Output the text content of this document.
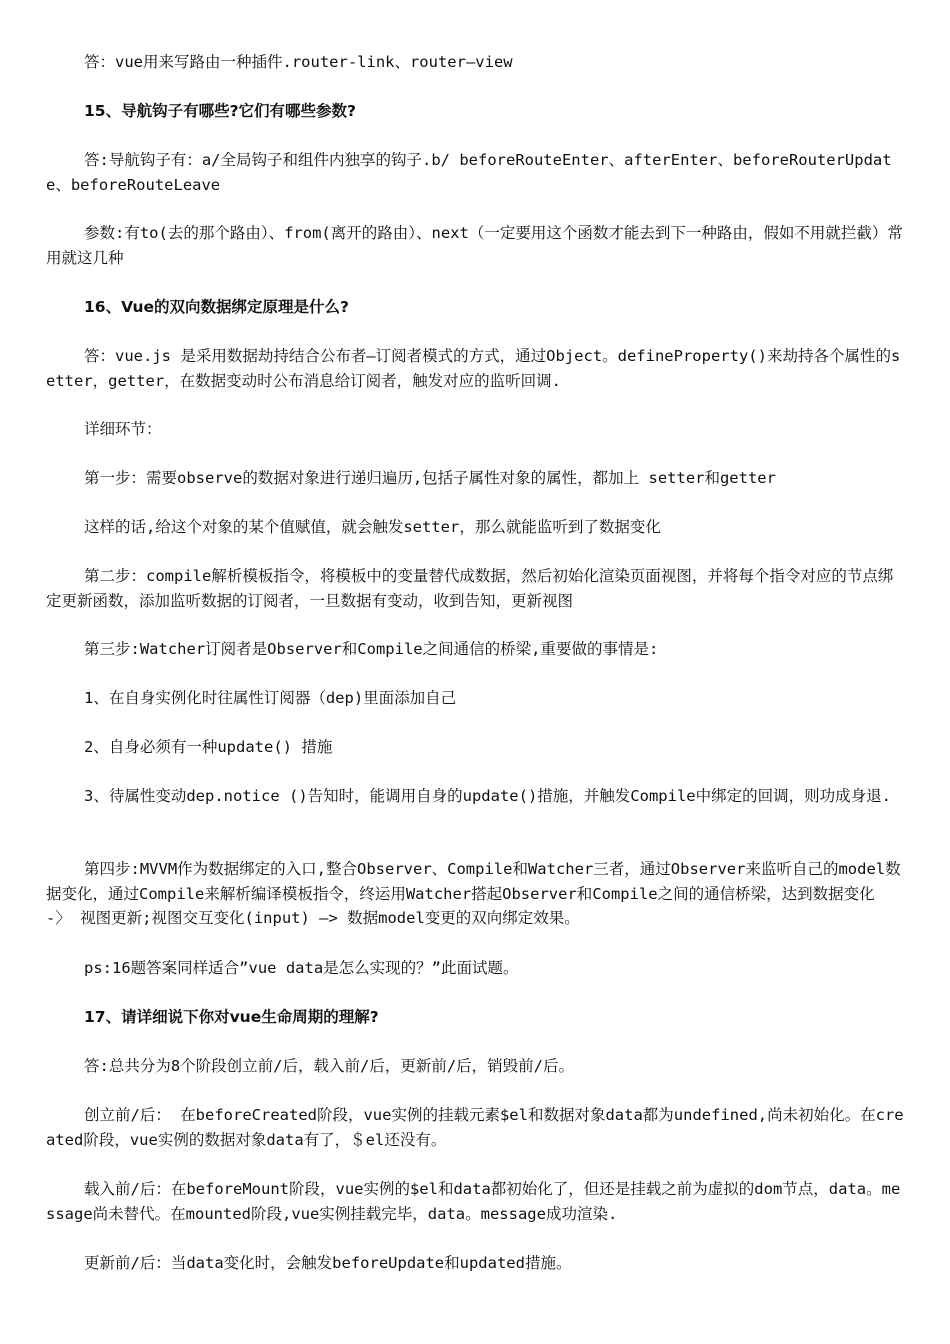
答：vue用来写路由一种插件.router-link、router—view
15、导航钩子有哪些?它们有哪些参数?
答:导航钩子有：a/全局钩子和组件内独享的钩子.b/ beforeRouteEnter、afterEnter、beforeRouterUpdate、beforeRouteLeave
参数:有to(去的那个路由）、from(离开的路由）、next（一定要用这个函数才能去到下一种路由，假如不用就拦截）常用就这几种
16、Vue的双向数据绑定原理是什么?
答：vue.js 是采用数据劫持结合公布者—订阅者模式的方式，通过Object。defineProperty()来劫持各个属性的setter，getter，在数据变动时公布消息给订阅者，触发对应的监听回调.
详细环节：
第一步：需要observe的数据对象进行递归遍历,包括子属性对象的属性，都加上 setter和getter
这样的话,给这个对象的某个值赋值，就会触发setter，那么就能监听到了数据变化
第二步：compile解析模板指令，将模板中的变量替代成数据，然后初始化渲染页面视图，并将每个指令对应的节点绑定更新函数，添加监听数据的订阅者，一旦数据有变动，收到告知，更新视图
第三步:Watcher订阅者是Observer和Compile之间通信的桥梁,重要做的事情是:
1、在自身实例化时往属性订阅器（dep)里面添加自己
2、自身必须有一种update() 措施
3、待属性变动dep.notice ()告知时，能调用自身的update()措施，并触发Compile中绑定的回调，则功成身退.
第四步:MVVM作为数据绑定的入口,整合Observer、Compile和Watcher三者，通过Observer来监听自己的model数据变化，通过Compile来解析编译模板指令，终运用Watcher搭起Observer和Compile之间的通信桥梁，达到数据变化 -〉 视图更新;视图交互变化(input) —> 数据model变更的双向绑定效果。
ps:16题答案同样适合”vue data是怎么实现的？”此面试题。
17、请详细说下你对vue生命周期的理解?
答:总共分为8个阶段创立前/后，载入前/后，更新前/后，销毁前/后。
创立前/后： 在beforeCreated阶段，vue实例的挂载元素$el和数据对象data都为undefined,尚未初始化。在created阶段，vue实例的数据对象data有了，＄el还没有。
载入前/后：在beforeMount阶段，vue实例的$el和data都初始化了，但还是挂载之前为虚拟的dom节点，data。message尚未替代。在mounted阶段,vue实例挂载完毕，data。message成功渲染.
更新前/后：当data变化时，会触发beforeUpdate和updated措施。
